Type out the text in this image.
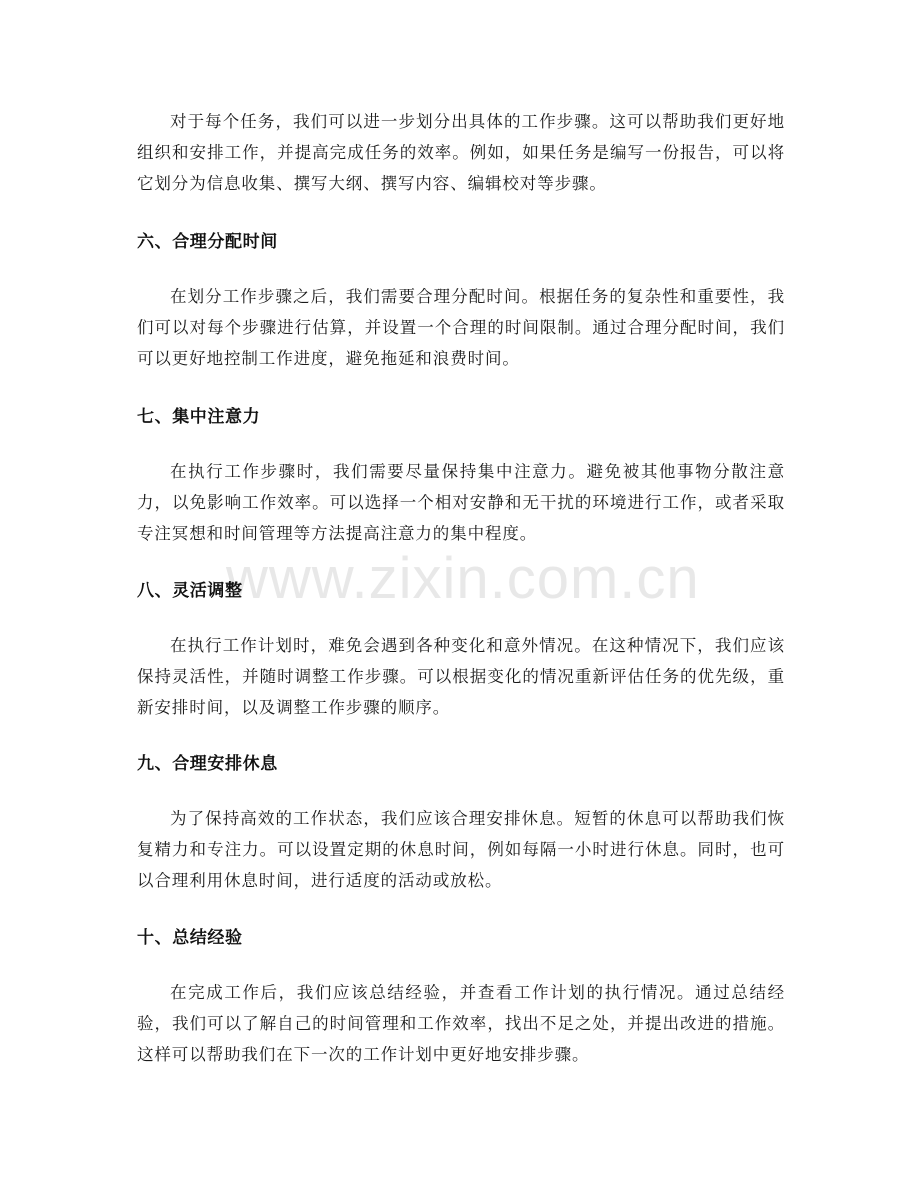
www.zixin.com.cn

对于每个任务，我们可以进一步划分出具体的工作步骤。这可以帮助我们更好地组织和安排工作，并提高完成任务的效率。例如，如果任务是编写一份报告，可以将它划分为信息收集、撰写大纲、撰写内容、编辑校对等步骤。

六、合理分配时间

在划分工作步骤之后，我们需要合理分配时间。根据任务的复杂性和重要性，我们可以对每个步骤进行估算，并设置一个合理的时间限制。通过合理分配时间，我们可以更好地控制工作进度，避免拖延和浪费时间。

七、集中注意力

在执行工作步骤时，我们需要尽量保持集中注意力。避免被其他事物分散注意力，以免影响工作效率。可以选择一个相对安静和无干扰的环境进行工作，或者采取专注冥想和时间管理等方法提高注意力的集中程度。

八、灵活调整

在执行工作计划时，难免会遇到各种变化和意外情况。在这种情况下，我们应该保持灵活性，并随时调整工作步骤。可以根据变化的情况重新评估任务的优先级，重新安排时间，以及调整工作步骤的顺序。

九、合理安排休息

为了保持高效的工作状态，我们应该合理安排休息。短暂的休息可以帮助我们恢复精力和专注力。可以设置定期的休息时间，例如每隔一小时进行休息。同时，也可以合理利用休息时间，进行适度的活动或放松。

十、总结经验

在完成工作后，我们应该总结经验，并查看工作计划的执行情况。通过总结经验，我们可以了解自己的时间管理和工作效率，找出不足之处，并提出改进的措施。这样可以帮助我们在下一次的工作计划中更好地安排步骤。
